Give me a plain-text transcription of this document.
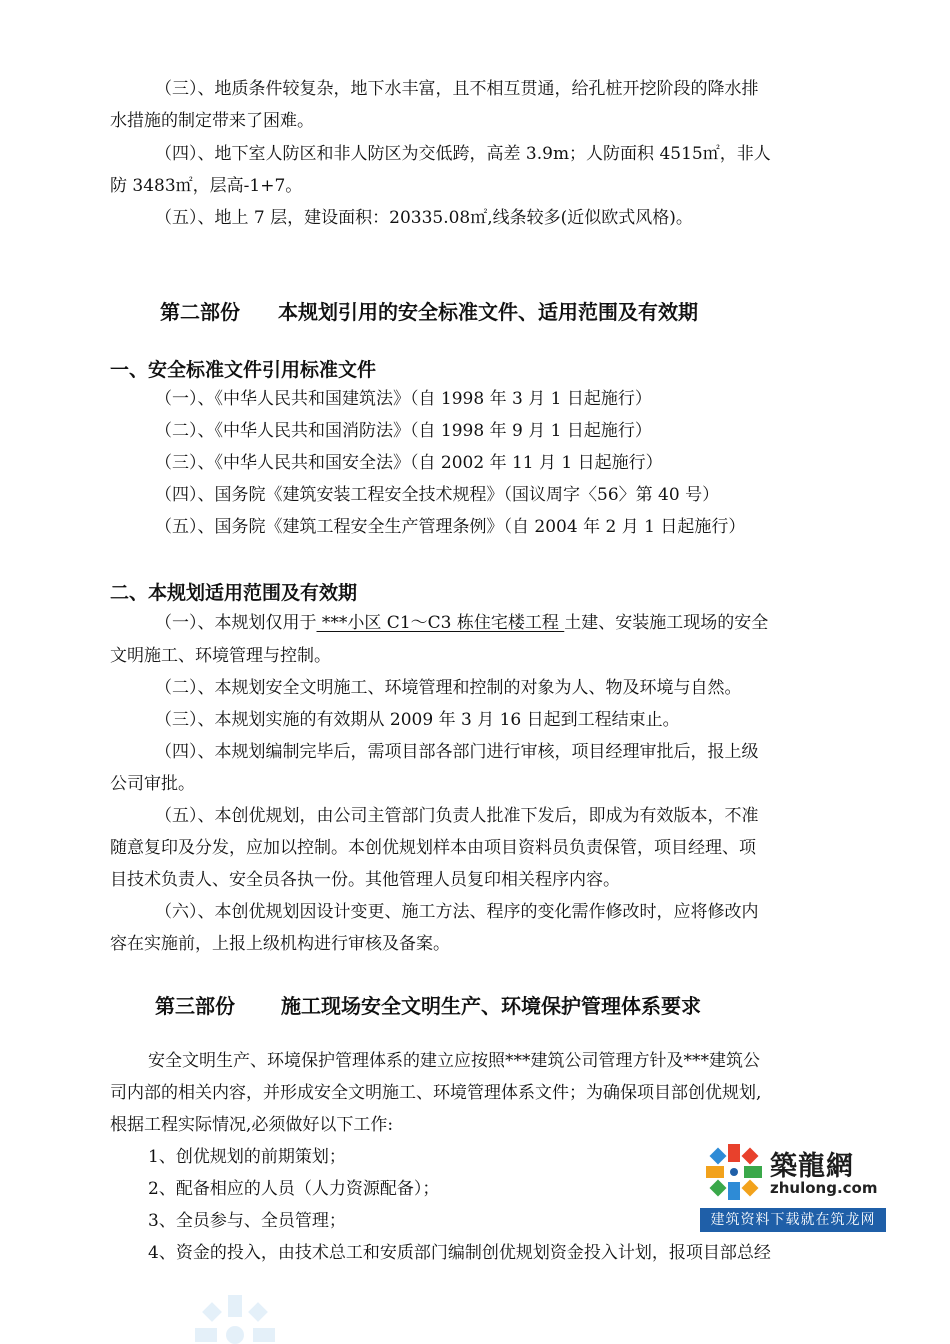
（三）、地质条件较复杂，地下水丰富，且不相互贯通，给孔桩开挖阶段的降水排
水措施的制定带来了困难。
（四）、地下室人防区和非人防区为交低跨，高差 3.9m；人防面积 4515㎡，非人
防 3483㎡，层高-1+7。
（五）、地上 7 层，建设面积：20335.08㎡,线条较多(近似欧式风格)。
第二部份 本规划引用的安全标准文件、适用范围及有效期
一、安全标准文件引用标准文件
（一）、《中华人民共和国建筑法》（自 1998 年 3 月 1 日起施行）
（二）、《中华人民共和国消防法》（自 1998 年 9 月 1 日起施行）
（三）、《中华人民共和国安全法》（自 2002 年 11 月 1 日起施行）
（四）、国务院《建筑安装工程安全技术规程》（国议周字〈56〉第 40 号）
（五）、国务院《建筑工程安全生产管理条例》（自 2004 年 2 月 1 日起施行）
二、本规划适用范围及有效期
（一）、本规划仅用于 ***小区 C1～C3 栋住宅楼工程 土建、安装施工现场的安全
文明施工、环境管理与控制。
（二）、本规划安全文明施工、环境管理和控制的对象为人、物及环境与自然。
（三）、本规划实施的有效期从 2009 年 3 月 16 日起到工程结束止。
（四）、本规划编制完毕后，需项目部各部门进行审核，项目经理审批后，报上级
公司审批。
（五）、本创优规划，由公司主管部门负责人批准下发后，即成为有效版本，不准
随意复印及分发，应加以控制。本创优规划样本由项目资料员负责保管，项目经理、项
目技术负责人、安全员各执一份。其他管理人员复印相关程序内容。
（六）、本创优规划因设计变更、施工方法、程序的变化需作修改时，应将修改内
容在实施前，上报上级机构进行审核及备案。
第三部份 施工现场安全文明生产、环境保护管理体系要求
安全文明生产、环境保护管理体系的建立应按照***建筑公司管理方针及***建筑公
司内部的相关内容，并形成安全文明施工、环境管理体系文件；为确保项目部创优规划,
根据工程实际情况,必须做好以下工作:
1、创优规划的前期策划；
2、配备相应的人员（人力资源配备）；
3、全员参与、全员管理；
4、资金的投入，由技术总工和安质部门编制创优规划资金投入计划，报项目部总经
築龍網
zhulong.com
建筑资料下载就在筑龙网
